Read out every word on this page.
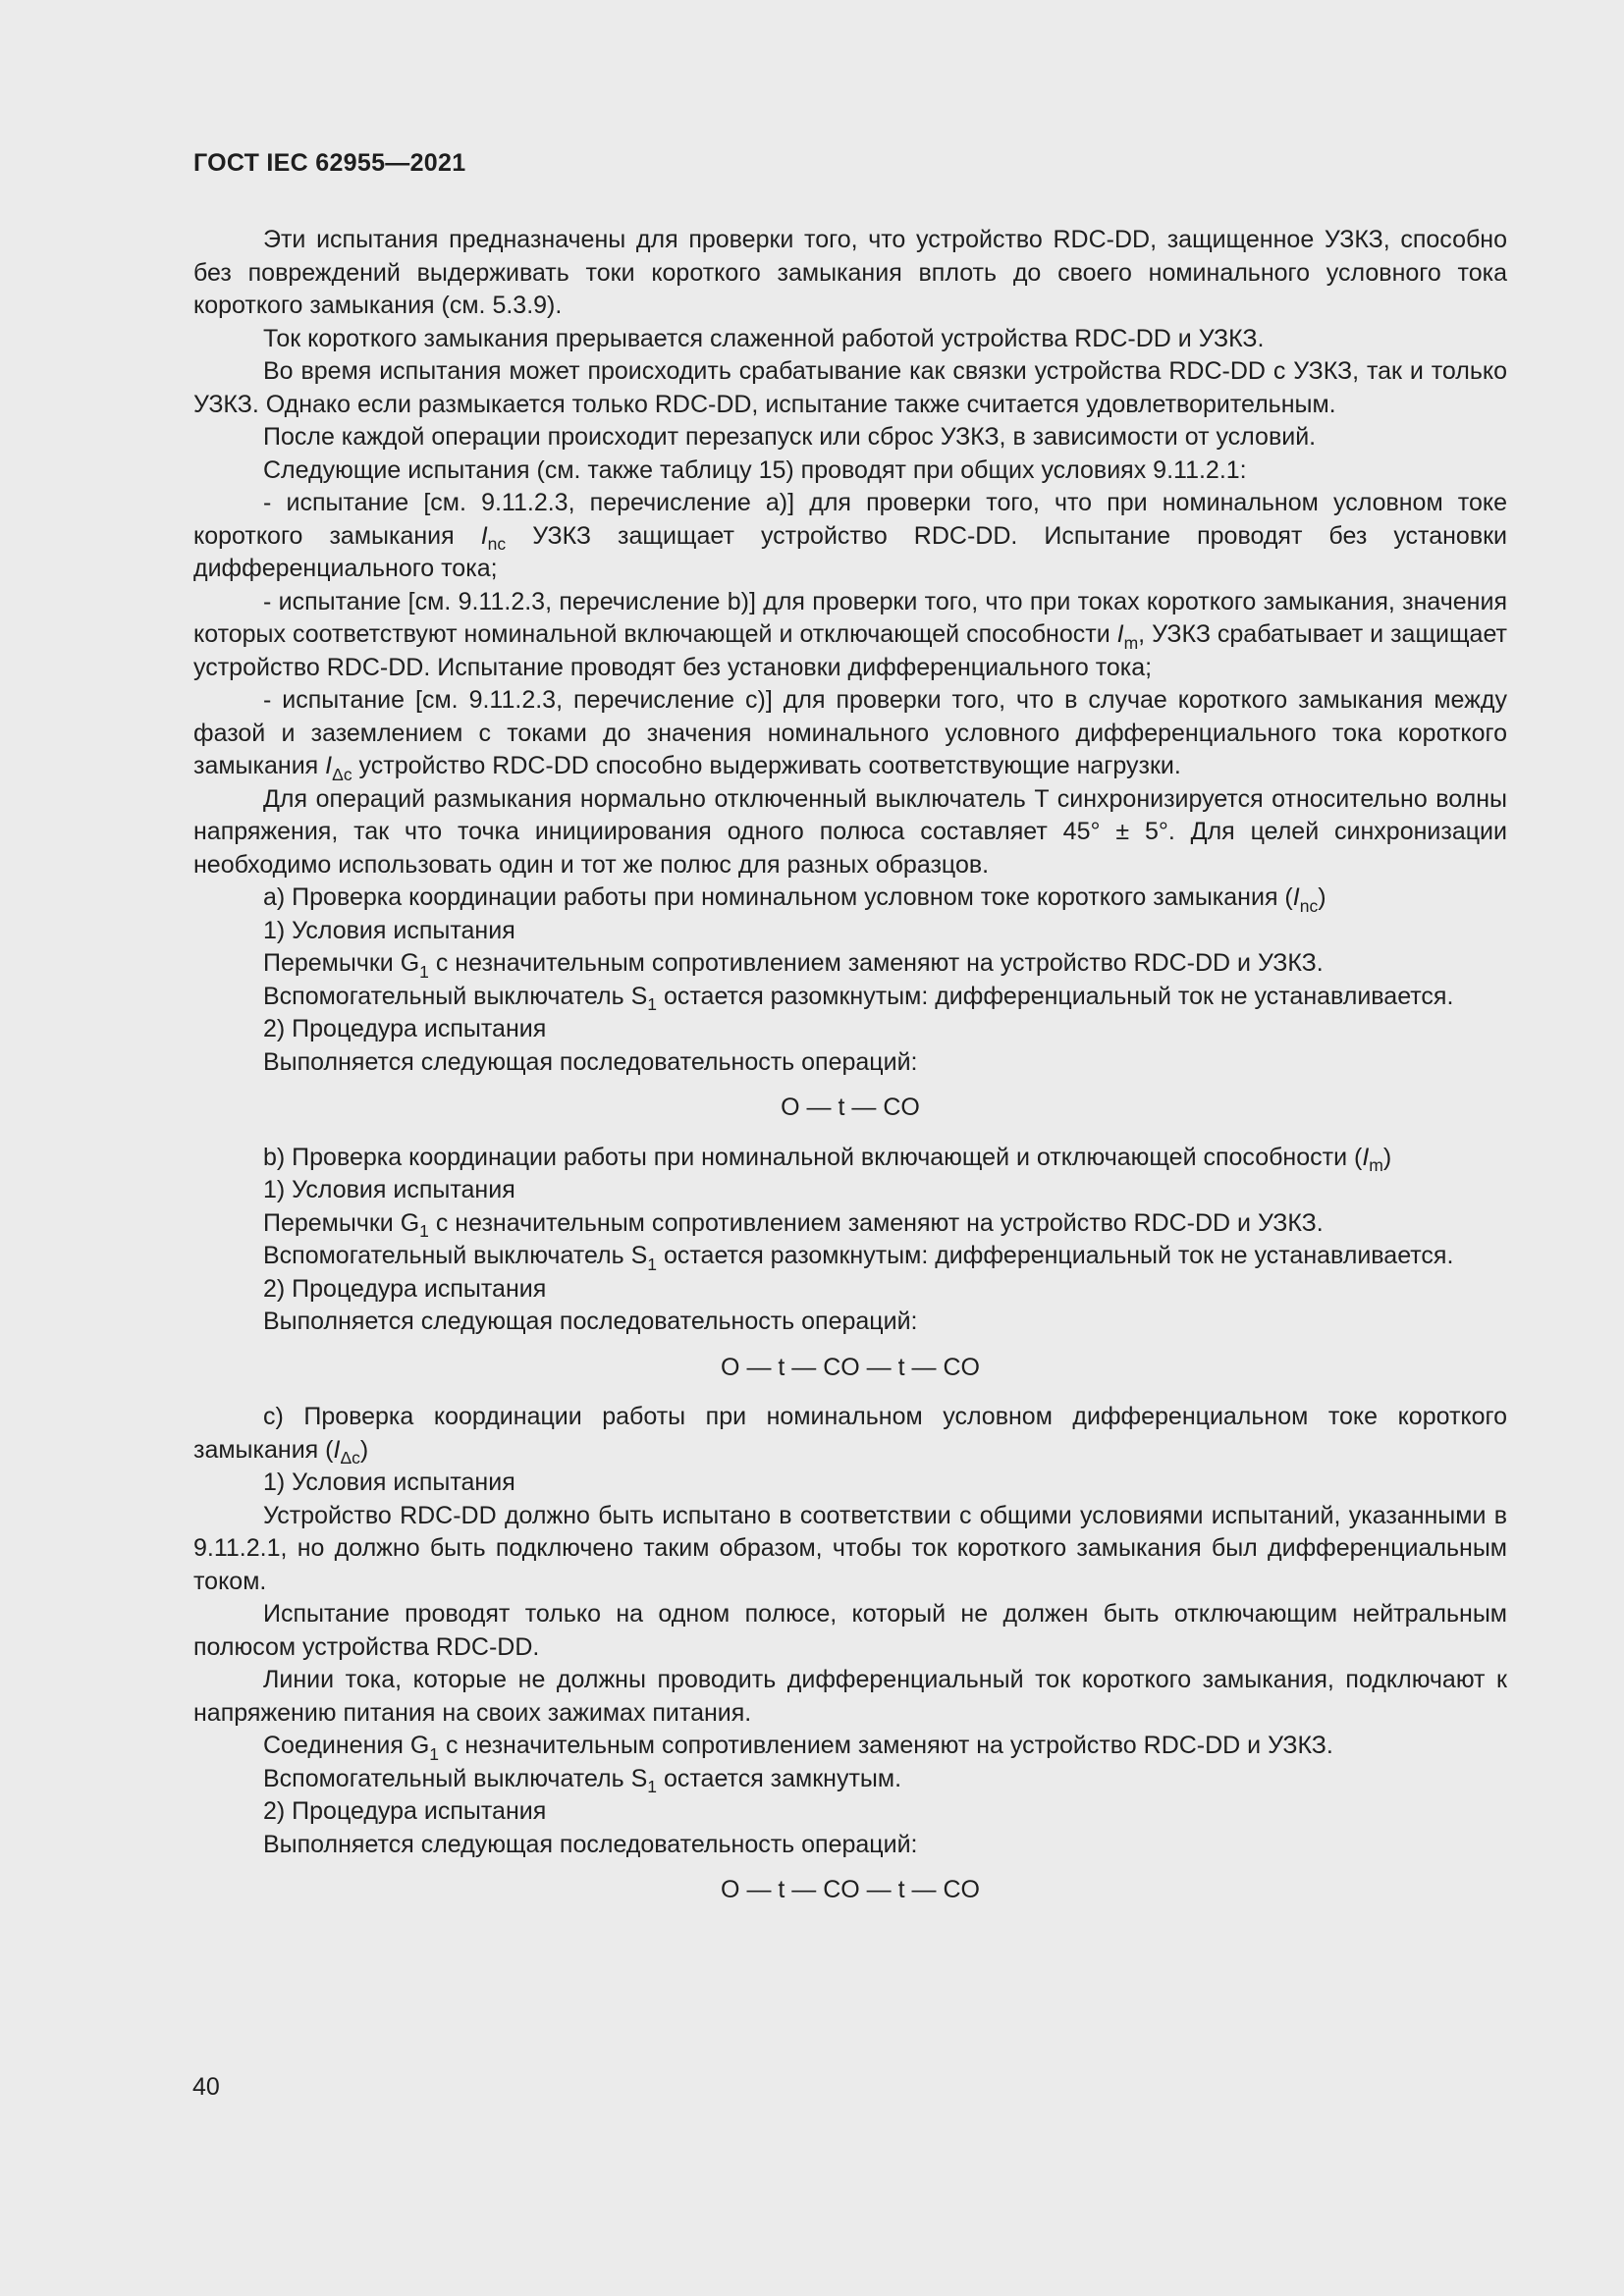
ГОСТ IEC 62955—2021

Эти испытания предназначены для проверки того, что устройство RDC-DD, защищенное УЗКЗ, способно без повреждений выдерживать токи короткого замыкания вплоть до своего номинального условного тока короткого замыкания (см. 5.3.9).

Ток короткого замыкания прерывается слаженной работой устройства RDC-DD и УЗКЗ.

Во время испытания может происходить срабатывание как связки устройства RDC-DD с УЗКЗ, так и только УЗКЗ. Однако если размыкается только RDC-DD, испытание также считается удовлетворительным.

После каждой операции происходит перезапуск или сброс УЗКЗ, в зависимости от условий.

Следующие испытания (см. также таблицу 15) проводят при общих условиях 9.11.2.1:

- испытание [см. 9.11.2.3, перечисление a)] для проверки того, что при номинальном условном токе короткого замыкания $I_{nc}$ УЗКЗ защищает устройство RDC-DD. Испытание проводят без установки дифференциального тока;

- испытание [см. 9.11.2.3, перечисление b)] для проверки того, что при токах короткого замыкания, значения которых соответствуют номинальной включающей и отключающей способности $I_m$, УЗКЗ срабатывает и защищает устройство RDC-DD. Испытание проводят без установки дифференциального тока;

- испытание [см. 9.11.2.3, перечисление c)] для проверки того, что в случае короткого замыкания между фазой и заземлением с токами до значения номинального условного дифференциального тока короткого замыкания $I_{\Delta c}$ устройство RDC-DD способно выдерживать соответствующие нагрузки.

Для операций размыкания нормально отключенный выключатель T синхронизируется относительно волны напряжения, так что точка инициирования одного полюса составляет 45° ± 5°. Для целей синхронизации необходимо использовать один и тот же полюс для разных образцов.

a) Проверка координации работы при номинальном условном токе короткого замыкания $(I_{nc})$

1) Условия испытания

Перемычки $G_1$ с незначительным сопротивлением заменяют на устройство RDC-DD и УЗКЗ.

Вспомогательный выключатель $S_1$ остается разомкнутым: дифференциальный ток не устанавливается.

2) Процедура испытания

Выполняется следующая последовательность операций:

O — t — CO

b) Проверка координации работы при номинальной включающей и отключающей способности $(I_m)$

1) Условия испытания

Перемычки $G_1$ с незначительным сопротивлением заменяют на устройство RDC-DD и УЗКЗ.

Вспомогательный выключатель $S_1$ остается разомкнутым: дифференциальный ток не устанавливается.

2) Процедура испытания

Выполняется следующая последовательность операций:

O — t — CO — t — CO

c) Проверка координации работы при номинальном условном дифференциальном токе короткого замыкания $(I_{\Delta c})$

1) Условия испытания

Устройство RDC-DD должно быть испытано в соответствии с общими условиями испытаний, указанными в 9.11.2.1, но должно быть подключено таким образом, чтобы ток короткого замыкания был дифференциальным током.

Испытание проводят только на одном полюсе, который не должен быть отключающим нейтральным полюсом устройства RDC-DD.

Линии тока, которые не должны проводить дифференциальный ток короткого замыкания, подключают к напряжению питания на своих зажимах питания.

Соединения $G_1$ с незначительным сопротивлением заменяют на устройство RDC-DD и УЗКЗ.

Вспомогательный выключатель $S_1$ остается замкнутым.

2) Процедура испытания

Выполняется следующая последовательность операций:

O — t — CO — t — CO
40
